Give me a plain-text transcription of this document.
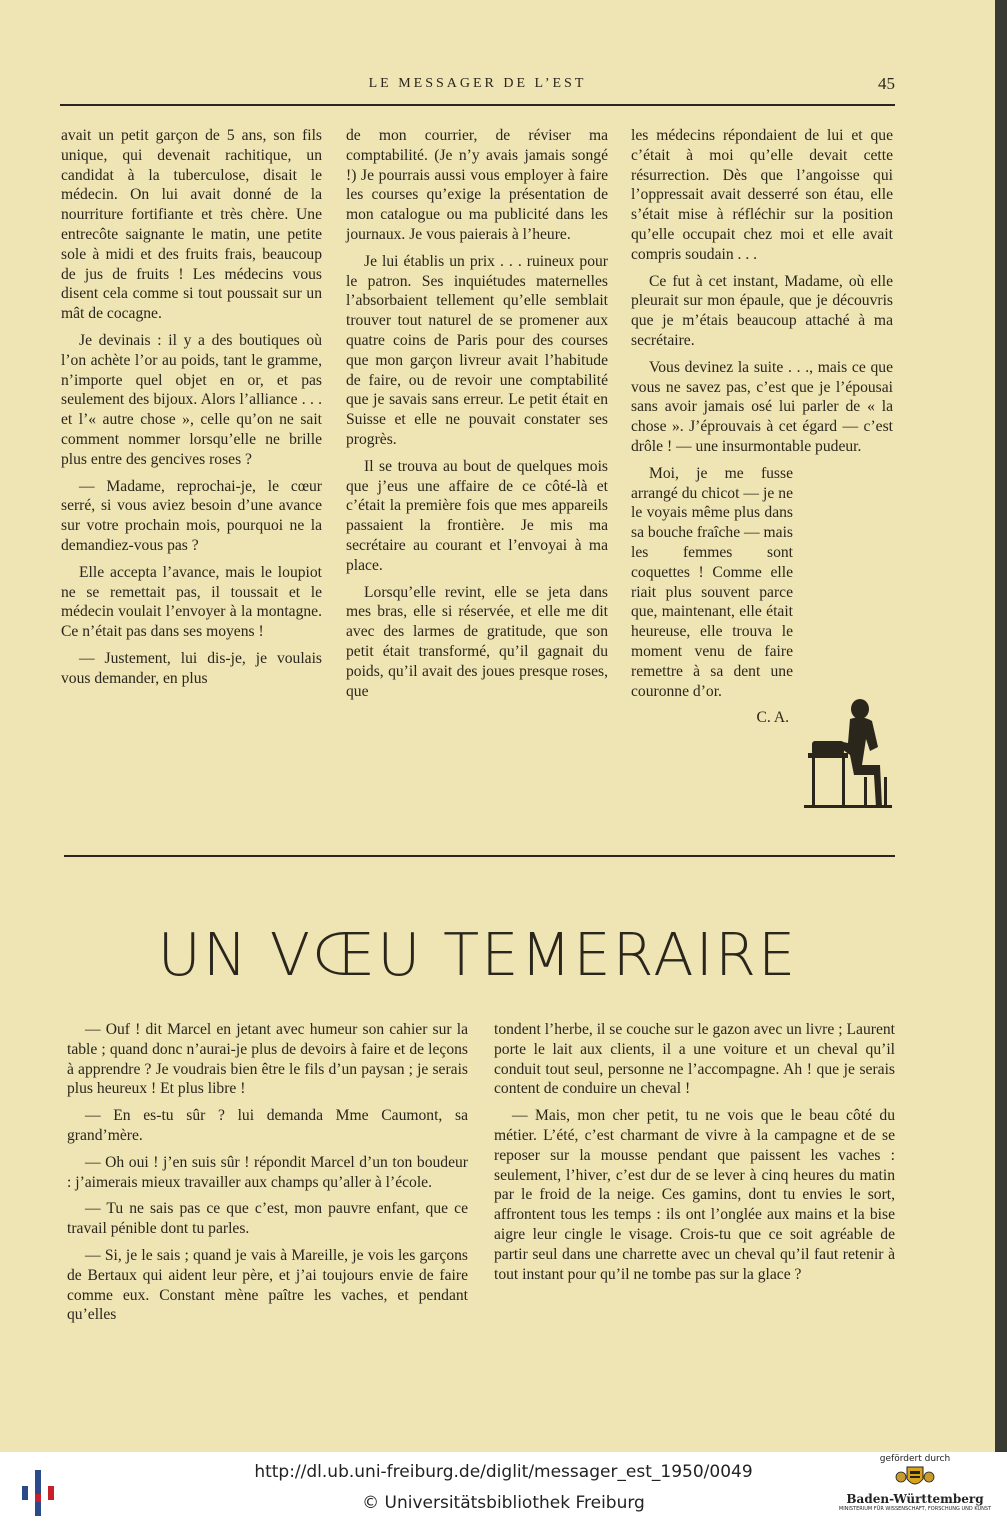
LE MESSAGER DE L’EST	45

avait un petit garçon de 5 ans, son fils unique, qui devenait rachitique, un candidat à la tuberculose, disait le médecin. On lui avait donné de la nourriture fortifiante et très chère. Une entrecôte saignante le matin, une petite sole à midi et des fruits frais, beaucoup de jus de fruits ! Les médecins vous disent cela comme si tout poussait sur un mât de cocagne.

Je devinais : il y a des boutiques où l’on achète l’or au poids, tant le gramme, n’importe quel objet en or, et pas seulement des bijoux. Alors l’alliance . . . et l’« autre chose », celle qu’on ne sait comment nommer lorsqu’elle ne brille plus entre des gencives roses ?

— Madame, reprochai-je, le cœur serré, si vous aviez besoin d’une avance sur votre prochain mois, pourquoi ne la demandiez-vous pas ?

Elle accepta l’avance, mais le loupiot ne se remettait pas, il toussait et le médecin voulait l’envoyer à la montagne. Ce n’était pas dans ses moyens !

— Justement, lui dis-je, je voulais vous demander, en plus

de mon courrier, de réviser ma comptabilité. (Je n’y avais jamais songé !) Je pourrais aussi vous employer à faire les courses qu’exige la présentation de mon catalogue ou ma publicité dans les journaux. Je vous paierais à l’heure.

Je lui établis un prix . . . ruineux pour le patron. Ses inquiétudes maternelles l’absorbaient tellement qu’elle semblait trouver tout naturel de se promener aux quatre coins de Paris pour des courses que mon garçon livreur avait l’habitude de faire, ou de revoir une comptabilité que je savais sans erreur. Le petit était en Suisse et elle ne pouvait constater ses progrès.

Il se trouva au bout de quelques mois que j’eus une affaire de ce côté-là et c’était la première fois que mes appareils passaient la frontière. Je mis ma secrétaire au courant et l’envoyai à ma place.

Lorsqu’elle revint, elle se jeta dans mes bras, elle si réservée, et elle me dit avec des larmes de gratitude, que son petit était transformé, qu’il gagnait du poids, qu’il avait des joues presque roses, que

les médecins répondaient de lui et que c’était à moi qu’elle devait cette résurrection. Dès que l’angoisse qui l’oppressait avait desserré son étau, elle s’était mise à réfléchir sur la position qu’elle occupait chez moi et elle avait compris soudain . . .

Ce fut à cet instant, Madame, où elle pleurait sur mon épaule, que je découvris que je m’étais beaucoup attaché à ma secrétaire.

Vous devinez la suite . . ., mais ce que vous ne savez pas, c’est que je l’épousai sans avoir jamais osé lui parler de « la chose ». J’éprouvais à cet égard — c’est drôle ! — une insurmontable pudeur.

Moi, je me fusse arrangé du chicot — je ne le voyais même plus dans sa bouche fraîche — mais les femmes sont coquettes ! Comme elle riait plus souvent parce que, maintenant, elle était heureuse, elle trouva le moment venu de faire remettre à sa dent une couronne d’or.

C. A.

UN VŒU TEMERAIRE

— Ouf ! dit Marcel en jetant avec humeur son cahier sur la table ; quand donc n’aurai-je plus de devoirs à faire et de leçons à apprendre ? Je voudrais bien être le fils d’un paysan ; je serais plus heureux ! Et plus libre !

— En es-tu sûr ? lui demanda Mme Caumont, sa grand’mère.

— Oh oui ! j’en suis sûr ! répondit Marcel d’un ton boudeur : j’aimerais mieux travailler aux champs qu’aller à l’école.

— Tu ne sais pas ce que c’est, mon pauvre enfant, que ce travail pénible dont tu parles.

— Si, je le sais ; quand je vais à Mareille, je vois les garçons de Bertaux qui aident leur père, et j’ai toujours envie de faire comme eux. Constant mène paître les vaches, et pendant qu’elles

tondent l’herbe, il se couche sur le gazon avec un livre ; Laurent porte le lait aux clients, il a une voiture et un cheval qu’il conduit tout seul, personne ne l’accompagne. Ah ! que je serais content de conduire un cheval !

— Mais, mon cher petit, tu ne vois que le beau côté du métier. L’été, c’est charmant de vivre à la campagne et de se reposer sur la mousse pendant que paissent les vaches : seulement, l’hiver, c’est dur de se lever à cinq heures du matin par le froid de la neige. Ces gamins, dont tu envies le sort, affrontent tous les temps : ils ont l’onglée aux mains et la bise aigre leur cingle le visage. Crois-tu que ce soit agréable de partir seul dans une charrette avec un cheval qu’il faut retenir à tout instant pour qu’il ne tombe pas sur la glace ?

http://dl.ub.uni-freiburg.de/diglit/messager_est_1950/0049
© Universitätsbibliothek Freiburg
gefördert durch
Baden-Württemberg
MINISTERIUM FÜR WISSENSCHAFT, FORSCHUNG UND KUNST
